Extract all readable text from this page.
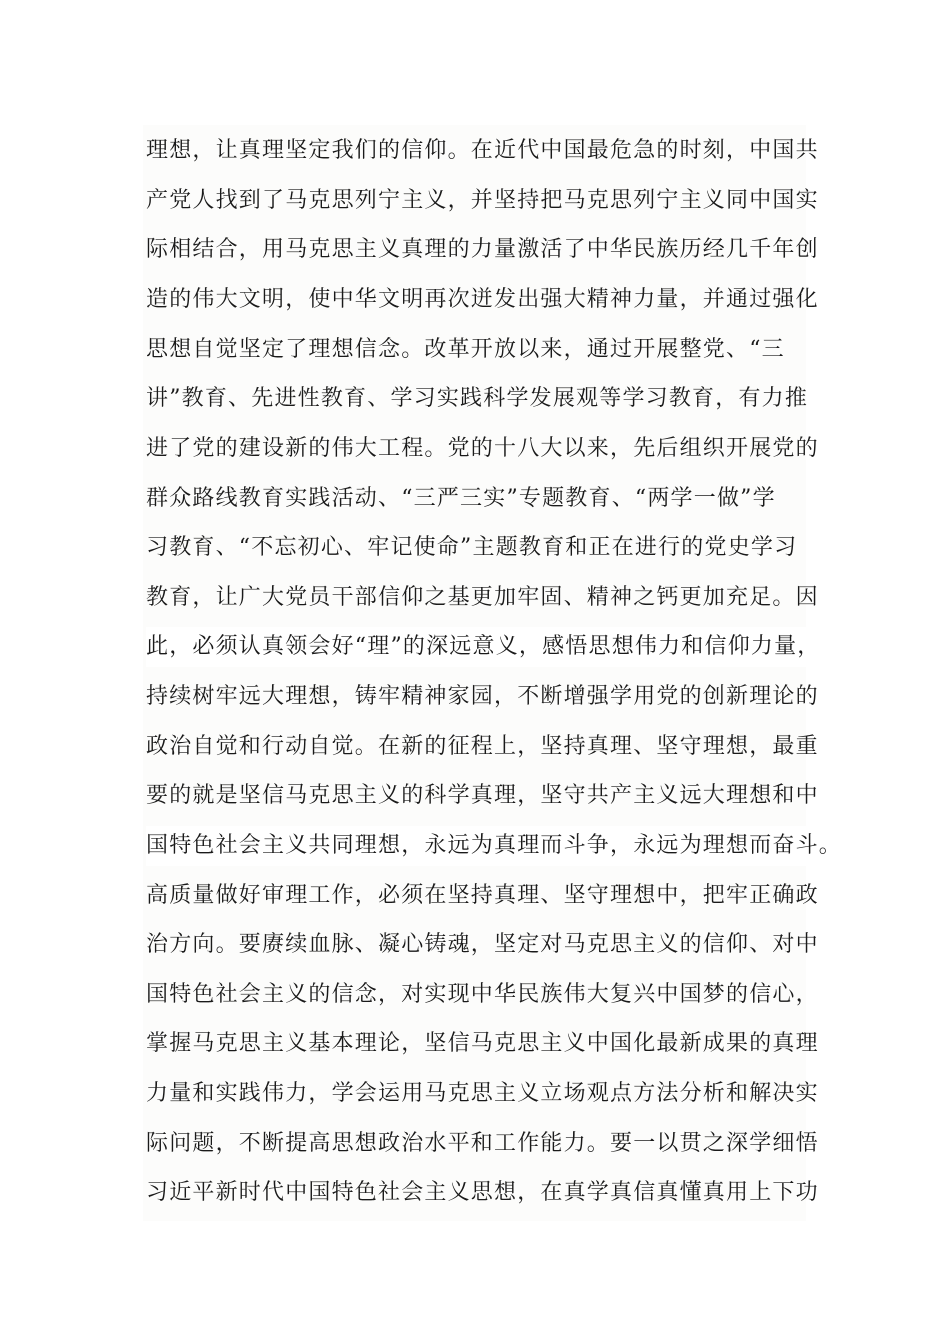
理想，让真理坚定我们的信仰。在近代中国最危急的时刻，中国共
产党人找到了马克思列宁主义，并坚持把马克思列宁主义同中国实
际相结合，用马克思主义真理的力量激活了中华民族历经几千年创
造的伟大文明，使中华文明再次迸发出强大精神力量，并通过强化
思想自觉坚定了理想信念。改革开放以来，通过开展整党、“三
讲”教育、先进性教育、学习实践科学发展观等学习教育，有力推
进了党的建设新的伟大工程。党的十八大以来，先后组织开展党的
群众路线教育实践活动、“三严三实”专题教育、“两学一做”学
习教育、“不忘初心、牢记使命”主题教育和正在进行的党史学习
教育，让广大党员干部信仰之基更加牢固、精神之钙更加充足。因
此，必须认真领会好“理”的深远意义，感悟思想伟力和信仰力量，
持续树牢远大理想，铸牢精神家园，不断增强学用党的创新理论的
政治自觉和行动自觉。在新的征程上，坚持真理、坚守理想，最重
要的就是坚信马克思主义的科学真理，坚守共产主义远大理想和中
国特色社会主义共同理想，永远为真理而斗争，永远为理想而奋斗。
高质量做好审理工作，必须在坚持真理、坚守理想中，把牢正确政
治方向。要赓续血脉、凝心铸魂，坚定对马克思主义的信仰、对中
国特色社会主义的信念，对实现中华民族伟大复兴中国梦的信心，
掌握马克思主义基本理论，坚信马克思主义中国化最新成果的真理
力量和实践伟力，学会运用马克思主义立场观点方法分析和解决实
际问题，不断提高思想政治水平和工作能力。要一以贯之深学细悟
习近平新时代中国特色社会主义思想，在真学真信真懂真用上下功
